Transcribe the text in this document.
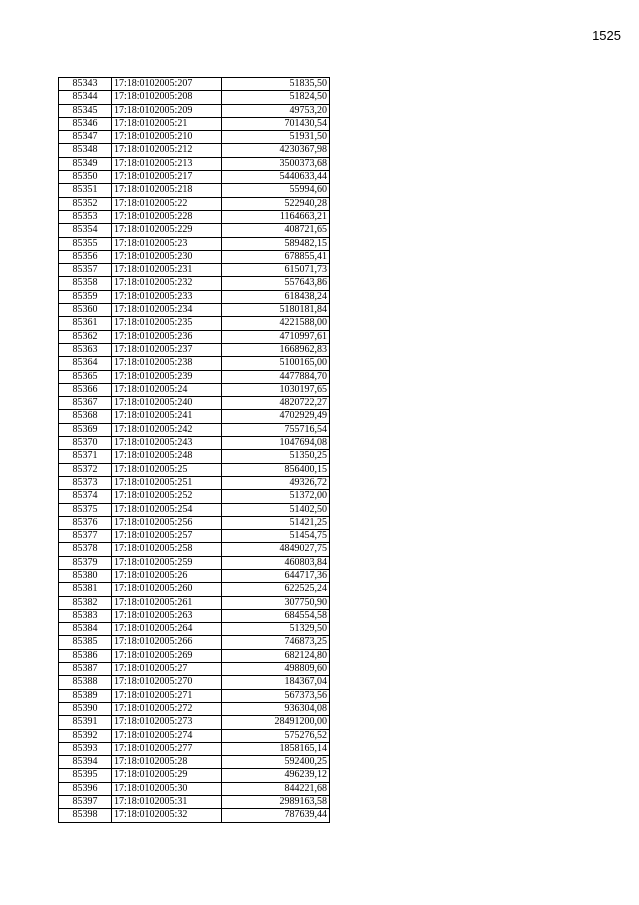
1525
85343	17:18:0102005:207	51835,50
85344	17:18:0102005:208	51824,50
85345	17:18:0102005:209	49753,20
85346	17:18:0102005:21	701430,54
85347	17:18:0102005:210	51931,50
85348	17:18:0102005:212	4230367,98
85349	17:18:0102005:213	3500373,68
85350	17:18:0102005:217	5440633,44
85351	17:18:0102005:218	55994,60
85352	17:18:0102005:22	522940,28
85353	17:18:0102005:228	1164663,21
85354	17:18:0102005:229	408721,65
85355	17:18:0102005:23	589482,15
85356	17:18:0102005:230	678855,41
85357	17:18:0102005:231	615071,73
85358	17:18:0102005:232	557643,86
85359	17:18:0102005:233	618438,24
85360	17:18:0102005:234	5180181,84
85361	17:18:0102005:235	4221588,00
85362	17:18:0102005:236	4710997,61
85363	17:18:0102005:237	1668962,83
85364	17:18:0102005:238	5100165,00
85365	17:18:0102005:239	4477884,70
85366	17:18:0102005:24	1030197,65
85367	17:18:0102005:240	4820722,27
85368	17:18:0102005:241	4702929,49
85369	17:18:0102005:242	755716,54
85370	17:18:0102005:243	1047694,08
85371	17:18:0102005:248	51350,25
85372	17:18:0102005:25	856400,15
85373	17:18:0102005:251	49326,72
85374	17:18:0102005:252	51372,00
85375	17:18:0102005:254	51402,50
85376	17:18:0102005:256	51421,25
85377	17:18:0102005:257	51454,75
85378	17:18:0102005:258	4849027,75
85379	17:18:0102005:259	460803,84
85380	17:18:0102005:26	644717,36
85381	17:18:0102005:260	622525,24
85382	17:18:0102005:261	307750,90
85383	17:18:0102005:263	684554,58
85384	17:18:0102005:264	51329,50
85385	17:18:0102005:266	746873,25
85386	17:18:0102005:269	682124,80
85387	17:18:0102005:27	498809,60
85388	17:18:0102005:270	184367,04
85389	17:18:0102005:271	567373,56
85390	17:18:0102005:272	936304,08
85391	17:18:0102005:273	28491200,00
85392	17:18:0102005:274	575276,52
85393	17:18:0102005:277	1858165,14
85394	17:18:0102005:28	592400,25
85395	17:18:0102005:29	496239,12
85396	17:18:0102005:30	844221,68
85397	17:18:0102005:31	2989163,58
85398	17:18:0102005:32	787639,44
